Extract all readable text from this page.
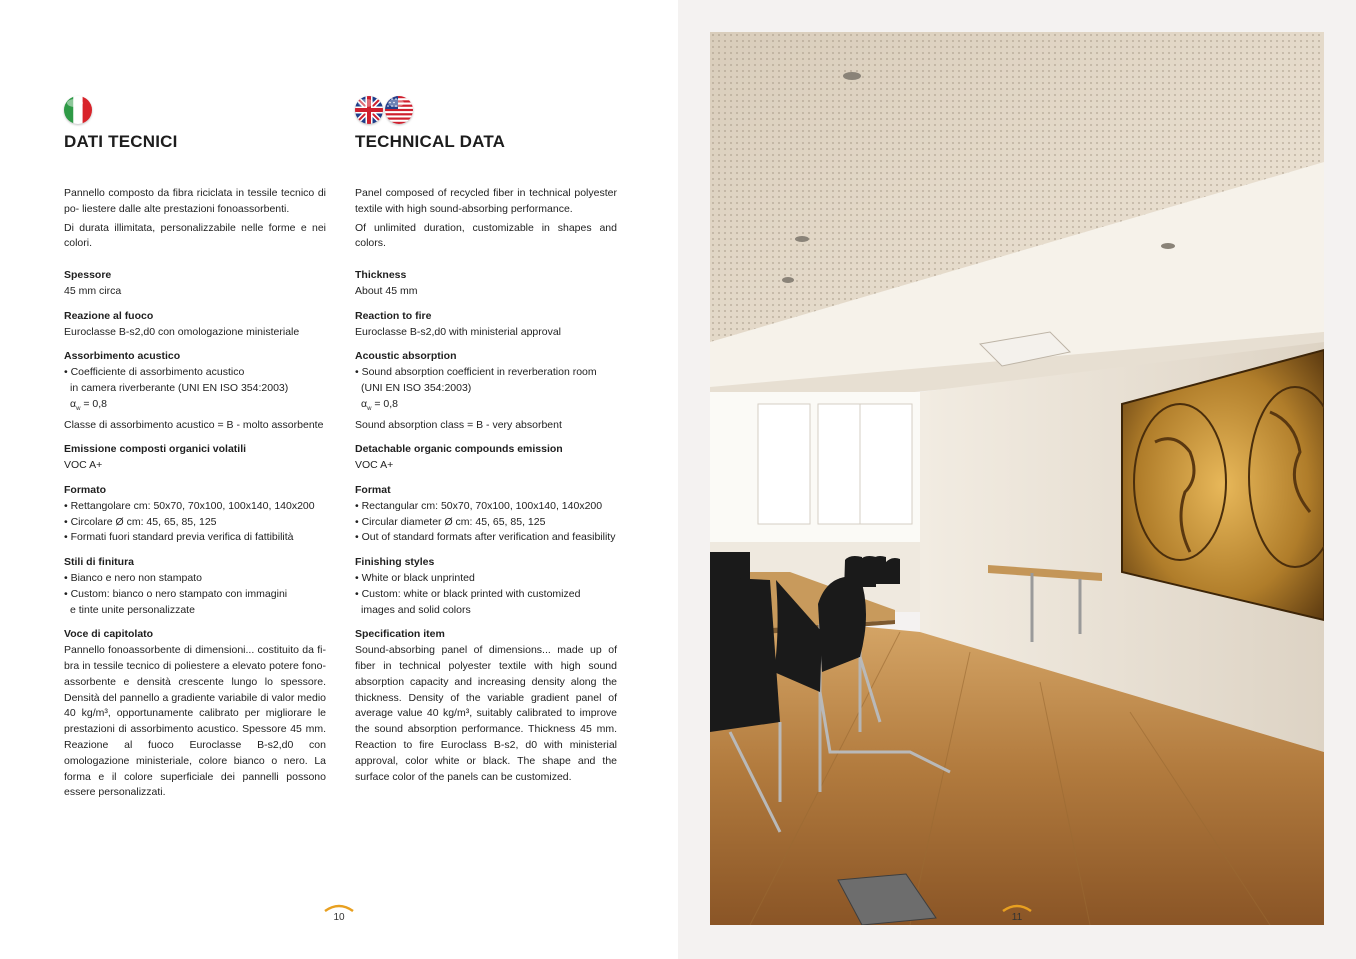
DATI TECNICI

Pannello composto da fibra riciclata in tessile tecnico di po- liestere dalle alte prestazioni fonoassorbenti.

Di durata illimitata, personalizzabile nelle forme e nei colori.

Spessore
45 mm circa
Reazione al fuoco
Euroclasse B-s2,d0 con omologazione ministeriale
Assorbimento acustico
• Coefficiente di assorbimento acustico
in camera riverberante (UNI EN ISO 354:2003)
$\alpha_w = 0,8$
Classe di assorbimento acustico = B - molto assorbente
Emissione composti organici volatili
VOC A+
Formato
• Rettangolare cm: 50x70, 70x100, 100x140, 140x200
• Circolare Ø cm: 45, 65, 85, 125
• Formati fuori standard previa verifica di fattibilità
Stili di finitura
• Bianco e nero non stampato
• Custom: bianco o nero stampato con immagini
e tinte unite personalizzate
Voce di capitolato
Pannello fonoassorbente di dimensioni... costituito da fi- bra in tessile tecnico di poliestere a elevato potere fono- assorbente e densità crescente lungo lo spessore. Densità del pannello a gradiente variabile di valor medio 40 kg/m³, opportunamente calibrato per migliorare le prestazioni di assorbimento acustico. Spessore 45 mm. Reazione al fuoco Euroclasse B-s2,d0 con omologazione ministeriale, colore bianco o nero. La forma e il colore superficiale dei pannelli possono essere personalizzati.
TECHNICAL DATA

Panel composed of recycled fiber in technical polyester textile with high sound-absorbing performance.

Of unlimited duration, customizable in shapes and colors.

Thickness
About 45 mm
Reaction to fire
Euroclasse B-s2,d0 with ministerial approval
Acoustic absorption
• Sound absorption coefficient in reverberation room
(UNI EN ISO 354:2003)
$\alpha_w = 0,8$
Sound absorption class = B - very absorbent
Detachable organic compounds emission
VOC A+
Format
• Rectangular cm: 50x70, 70x100, 100x140, 140x200
• Circular diameter Ø cm: 45, 65, 85, 125
• Out of standard formats after verification and feasibility
Finishing styles
• White or black unprinted
• Custom: white or black printed with customized
images and solid colors
Specification item
Sound-absorbing panel of dimensions... made up of fiber in technical polyester textile with high sound absorption capacity and increasing density along the thickness. Density of the variable gradient panel of average value 40 kg/m³, suitably calibrated to improve the sound absorption performance. Thickness 45 mm. Reaction to fire Euroclass B-s2, d0 with ministerial approval, color white or black. The shape and the surface color of the panels can be customized.
10	11
